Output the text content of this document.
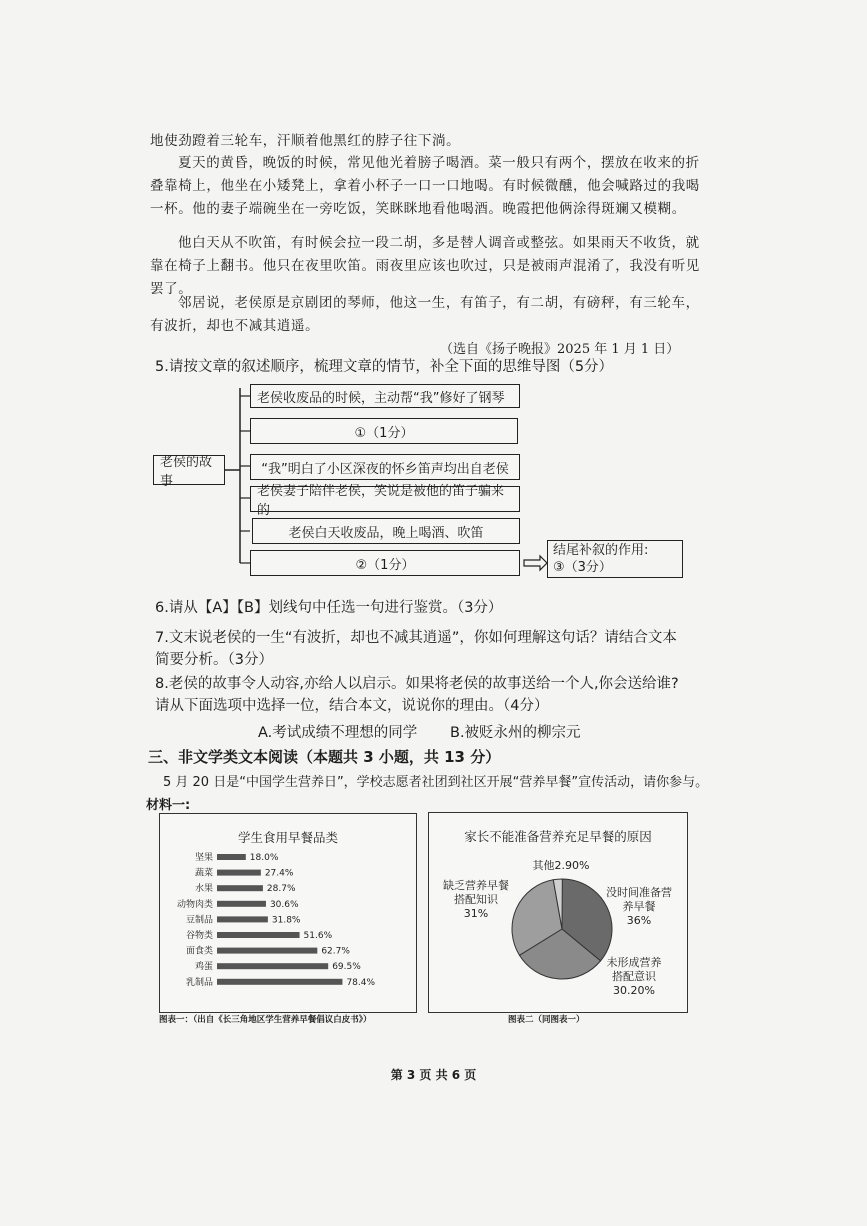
地使劲蹬着三轮车，汗顺着他黑红的脖子往下淌。
夏天的黄昏，晚饭的时候，常见他光着膀子喝酒。菜一般只有两个，摆放在收来的折叠靠椅上，他坐在小矮凳上，拿着小杯子一口一口地喝。有时候微醺，他会喊路过的我喝一杯。他的妻子端碗坐在一旁吃饭，笑眯眯地看他喝酒。晚霞把他俩涂得斑斓又模糊。
他白天从不吹笛，有时候会拉一段二胡，多是替人调音或整弦。如果雨天不收货，就靠在椅子上翻书。他只在夜里吹笛。雨夜里应该也吹过，只是被雨声混淆了，我没有听见罢了。
邻居说，老侯原是京剧团的琴师，他这一生，有笛子，有二胡，有磅秤，有三轮车，有波折，却也不减其逍遥。
（选自《扬子晚报》2025 年 1 月 1 日）
5.请按文章的叙述顺序，梳理文章的情节，补全下面的思维导图（5分）
老侯的故事
老侯收废品的时候，主动帮“我”修好了钢琴
①（1分）
“我”明白了小区深夜的怀乡笛声均出自老侯
老侯妻子陪伴老侯，笑说是被他的笛子骗来的
老侯白天收废品，晚上喝酒、吹笛
②（1分）
结尾补叙的作用:
③（3分）
6.请从【A】【B】划线句中任选一句进行鉴赏。（3分）
7.文末说老侯的一生“有波折，却也不减其逍遥”，你如何理解这句话？请结合文本
简要分析。（3分）
8.老侯的故事令人动容,亦给人以启示。如果将老侯的故事送给一个人,你会送给谁?
请从下面选项中选择一位，结合本文，说说你的理由。（4分）
A.考试成绩不理想的同学 B.被贬永州的柳宗元
三、非文学类文本阅读（本题共 3 小题，共 13 分）
5 月 20 日是“中国学生营养日”，学校志愿者社团到社区开展“营养早餐”宣传活动，请你参与。
材料一:
学生食用早餐品类
坚果	18.0%
蔬菜	27.4%
水果	28.7%
动物肉类	30.6%
豆制品	31.8%
谷物类	51.6%
面食类	62.7%
鸡蛋	69.5%
乳制品	78.4%
图表一：（出自《长三角地区学生营养早餐倡议白皮书》）
家长不能准备营养充足早餐的原因
没时间准备营
养早餐
36%
未形成营养
搭配意识
30.20%
缺乏营养早餐
搭配知识
31%
其他2.90%
图表二（同图表一）
第 3 页 共 6 页
